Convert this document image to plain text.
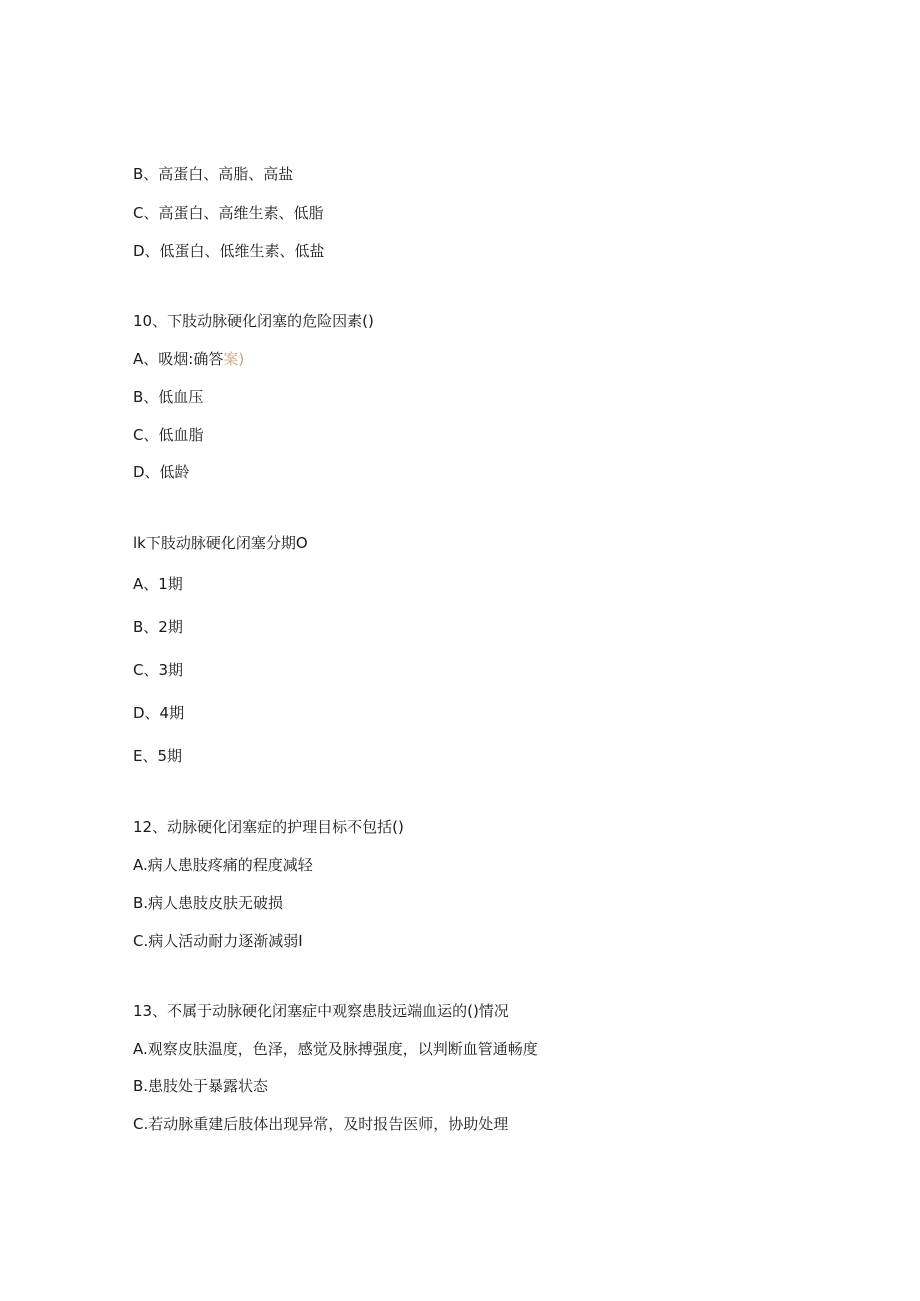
B、高蛋白、高脂、高盐
C、高蛋白、高维生素、低脂
D、低蛋白、低维生素、低盐
10、下肢动脉硬化闭塞的危险因素()
A、吸烟:确答案)
B、低血压
C、低血脂
D、低龄
lk下肢动脉硬化闭塞分期O
A、1期
B、2期
C、3期
D、4期
E、5期
12、动脉硬化闭塞症的护理目标不包括()
A.病人患肢疼痛的程度减轻
B.病人患肢皮肤无破损
C.病人活动耐力逐渐减弱I
13、不属于动脉硬化闭塞症中观察患肢远端血运的()情况
A.观察皮肤温度，色泽，感觉及脉搏强度，以判断血管通畅度
B.患肢处于暴露状态
C.若动脉重建后肢体出现异常，及时报告医师，协助处理
